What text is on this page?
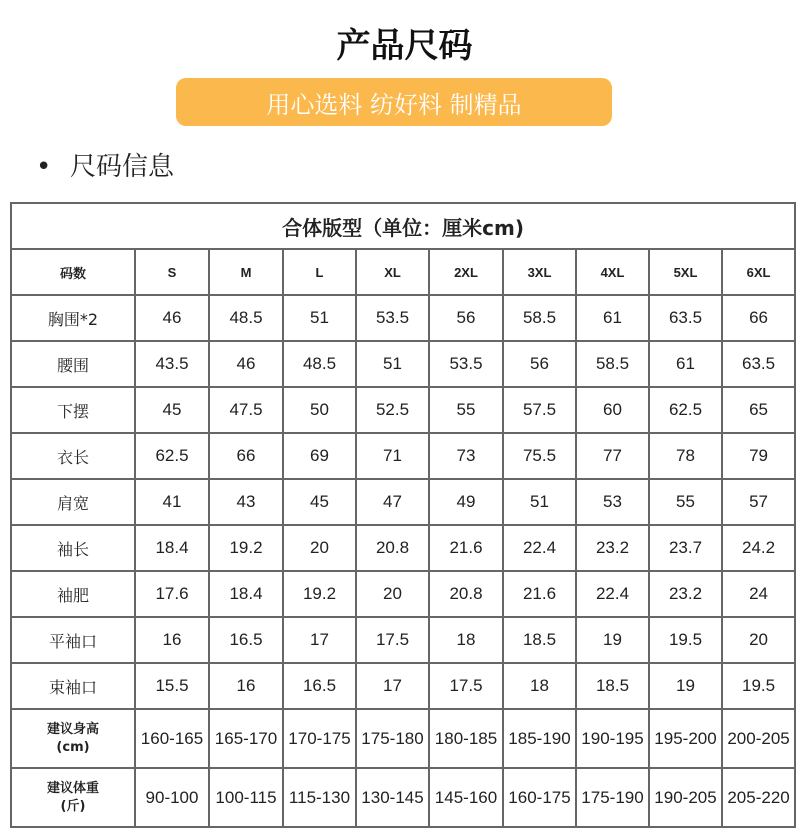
产品尺码
用心选料 纺好料 制精品
• 尺码信息
合体版型（单位：厘米cm)									
码数	S	M	L	XL	2XL	3XL	4XL	5XL	6XL
胸围*2	46	48.5	51	53.5	56	58.5	61	63.5	66
腰围	43.5	46	48.5	51	53.5	56	58.5	61	63.5
下摆	45	47.5	50	52.5	55	57.5	60	62.5	65
衣长	62.5	66	69	71	73	75.5	77	78	79
肩宽	41	43	45	47	49	51	53	55	57
袖长	18.4	19.2	20	20.8	21.6	22.4	23.2	23.7	24.2
袖肥	17.6	18.4	19.2	20	20.8	21.6	22.4	23.2	24
平袖口	16	16.5	17	17.5	18	18.5	19	19.5	20
束袖口	15.5	16	16.5	17	17.5	18	18.5	19	19.5

建议身高
(cm)	160-165	165-170	170-175	175-180	180-185	185-190	190-195	195-200	200-205

建议体重
(斤)	90-100	100-115	115-130	130-145	145-160	160-175	175-190	190-205	205-220
